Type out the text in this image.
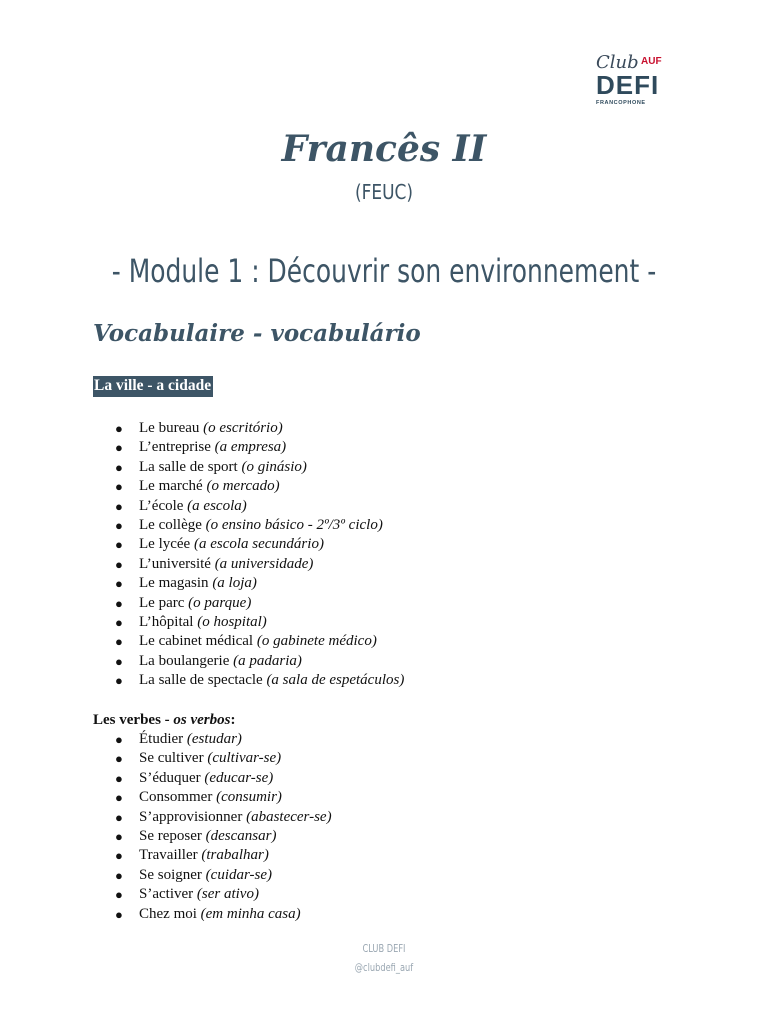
Club AUF
DEFI
FRANCOPHONE
Francês II
(FEUC)
- Module 1 : Découvrir son environnement -
Vocabulaire - vocabulário
La ville - a cidade
● Le bureau (o escritório)
● L’entreprise (a empresa)
● La salle de sport (o ginásio)
● Le marché (o mercado)
● L’école (a escola)
● Le collège (o ensino básico - 2º/3º ciclo)
● Le lycée (a escola secundário)
● L’université (a universidade)
● Le magasin (a loja)
● Le parc (o parque)
● L’hôpital (o hospital)
● Le cabinet médical (o gabinete médico)
● La boulangerie (a padaria)
● La salle de spectacle (a sala de espetáculos)
Les verbes - os verbos:
● Étudier (estudar)
● Se cultiver (cultivar-se)
● S’éduquer (educar-se)
● Consommer (consumir)
● S’approvisionner (abastecer-se)
● Se reposer (descansar)
● Travailler (trabalhar)
● Se soigner (cuidar-se)
● S’activer (ser ativo)
● Chez moi (em minha casa)
CLUB DEFI
@clubdefi_auf
